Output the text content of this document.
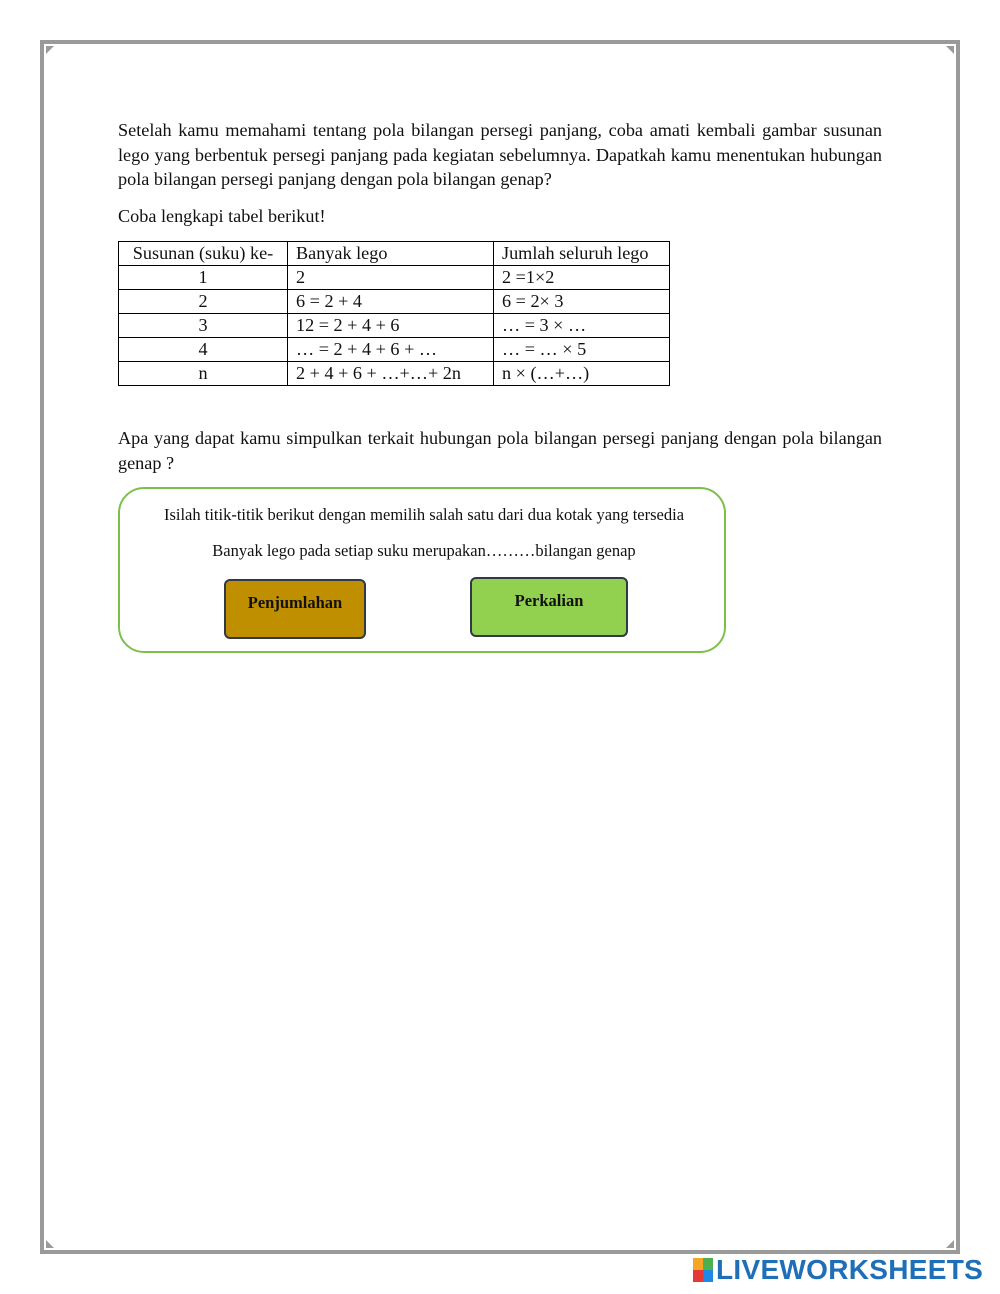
Setelah kamu memahami tentang pola bilangan persegi panjang, coba amati kembali gambar susunan lego yang berbentuk persegi panjang pada kegiatan sebelumnya. Dapatkah kamu menentukan hubungan pola bilangan persegi panjang dengan pola bilangan genap?

Coba lengkapi tabel berikut!

Susunan (suku) ke-	Banyak lego	Jumlah seluruh lego
1	2	2 =1×2
2	6 = 2 + 4	6 = 2× 3
3	12 = 2 + 4 + 6	… = 3 × …
4	… = 2 + 4 + 6 + …	… = … × 5
n	2 + 4 + 6 + …+…+ 2n	n × (…+…)

Apa yang dapat kamu simpulkan terkait hubungan pola bilangan persegi panjang dengan pola bilangan genap ?

Isilah titik-titik berikut dengan memilih salah satu dari dua kotak yang tersedia
Banyak lego pada setiap suku merupakan………bilangan genap
Penjumlahan	Perkalian
LIVEWORKSHEETS
